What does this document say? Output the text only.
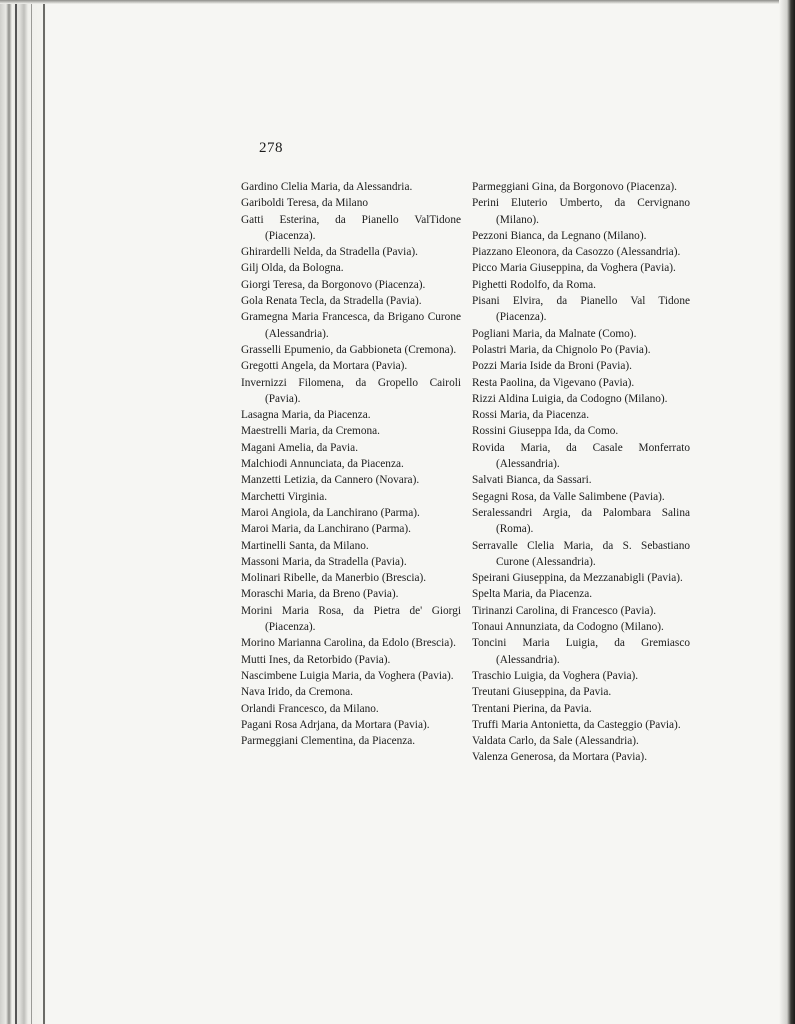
278

Gardino Clelia Maria, da Alessandria.

Gariboldi Teresa, da Milano

Gatti Esterina, da Pianello ValTidone (Piacenza).

Ghirardelli Nelda, da Stradella (Pavia).

Gilj Olda, da Bologna.

Giorgi Teresa, da Borgonovo (Piacenza).

Gola Renata Tecla, da Stradella (Pavia).

Gramegna Maria Francesca, da Brigano Curone (Alessandria).

Grasselli Epumenio, da Gabbioneta (Cremona).

Gregotti Angela, da Mortara (Pavia).

Invernizzi Filomena, da Gropello Cairoli (Pavia).

Lasagna Maria, da Piacenza.

Maestrelli Maria, da Cremona.

Magani Amelia, da Pavia.

Malchiodi Annunciata, da Piacenza.

Manzetti Letizia, da Cannero (Novara).

Marchetti Virginia.

Maroi Angiola, da Lanchirano (Parma).

Maroi Maria, da Lanchirano (Parma).

Martinelli Santa, da Milano.

Massoni Maria, da Stradella (Pavia).

Molinari Ribelle, da Manerbio (Brescia).

Moraschi Maria, da Breno (Pavia).

Morini Maria Rosa, da Pietra de' Giorgi (Piacenza).

Morino Marianna Carolina, da Edolo (Brescia).

Mutti Ines, da Retorbido (Pavia).

Nascimbene Luigia Maria, da Voghera (Pavia).

Nava Irido, da Cremona.

Orlandi Francesco, da Milano.

Pagani Rosa Adrjana, da Mortara (Pavia).

Parmeggiani Clementina, da Piacenza.

Parmeggiani Gina, da Borgonovo (Piacenza).

Perini Eluterio Umberto, da Cervignano (Milano).

Pezzoni Bianca, da Legnano (Milano).

Piazzano Eleonora, da Casozzo (Alessandria).

Picco Maria Giuseppina, da Voghera (Pavia).

Pighetti Rodolfo, da Roma.

Pisani Elvira, da Pianello Val Tidone (Piacenza).

Pogliani Maria, da Malnate (Como).

Polastri Maria, da Chignolo Po (Pavia).

Pozzi Maria Iside da Broni (Pavia).

Resta Paolina, da Vigevano (Pavia).

Rizzi Aldina Luigia, da Codogno (Milano).

Rossi Maria, da Piacenza.

Rossini Giuseppa Ida, da Como.

Rovida Maria, da Casale Monferrato (Alessandria).

Salvati Bianca, da Sassari.

Segagni Rosa, da Valle Salimbene (Pavia).

Seralessandri Argia, da Palombara Salina (Roma).

Serravalle Clelia Maria, da S. Sebastiano Curone (Alessandria).

Speirani Giuseppina, da Mezzanabigli (Pavia).

Spelta Maria, da Piacenza.

Tirinanzi Carolina, di Francesco (Pavia).

Tonaui Annunziata, da Codogno (Milano).

Toncini Maria Luigia, da Gremiasco (Alessandria).

Traschio Luigia, da Voghera (Pavia).

Treutani Giuseppina, da Pavia.

Trentani Pierina, da Pavia.

Truffi Maria Antonietta, da Casteggio (Pavia).

Valdata Carlo, da Sale (Alessandria).

Valenza Generosa, da Mortara (Pavia).
